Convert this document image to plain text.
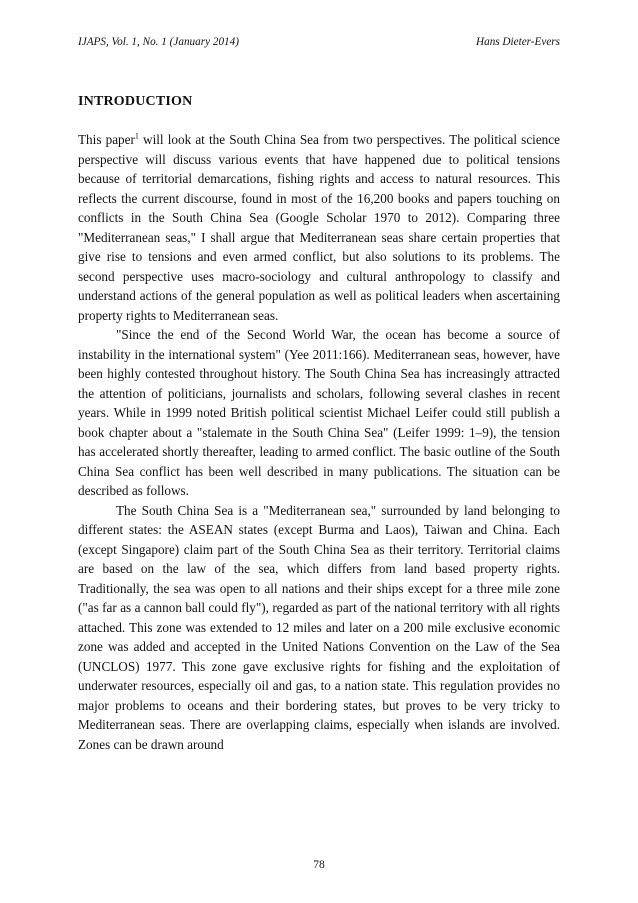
IJAPS, Vol. 1, No. 1 (January 2014)	Hans Dieter-Evers
INTRODUCTION

This paper$^1$ will look at the South China Sea from two perspectives. The political science perspective will discuss various events that have happened due to political tensions because of territorial demarcations, fishing rights and access to natural resources. This reflects the current discourse, found in most of the 16,200 books and papers touching on conflicts in the South China Sea (Google Scholar 1970 to 2012). Comparing three "Mediterranean seas," I shall argue that Mediterranean seas share certain properties that give rise to tensions and even armed conflict, but also solutions to its problems. The second perspective uses macro-sociology and cultural anthropology to classify and understand actions of the general population as well as political leaders when ascertaining property rights to Mediterranean seas.

"Since the end of the Second World War, the ocean has become a source of instability in the international system" (Yee 2011:166). Mediterranean seas, however, have been highly contested throughout history. The South China Sea has increasingly attracted the attention of politicians, journalists and scholars, following several clashes in recent years. While in 1999 noted British political scientist Michael Leifer could still publish a book chapter about a "stalemate in the South China Sea" (Leifer 1999: 1–9), the tension has accelerated shortly thereafter, leading to armed conflict. The basic outline of the South China Sea conflict has been well described in many publications. The situation can be described as follows.

The South China Sea is a "Mediterranean sea," surrounded by land belonging to different states: the ASEAN states (except Burma and Laos), Taiwan and China. Each (except Singapore) claim part of the South China Sea as their territory. Territorial claims are based on the law of the sea, which differs from land based property rights. Traditionally, the sea was open to all nations and their ships except for a three mile zone ("as far as a cannon ball could fly"), regarded as part of the national territory with all rights attached. This zone was extended to 12 miles and later on a 200 mile exclusive economic zone was added and accepted in the United Nations Convention on the Law of the Sea (UNCLOS) 1977. This zone gave exclusive rights for fishing and the exploitation of underwater resources, especially oil and gas, to a nation state. This regulation provides no major problems to oceans and their bordering states, but proves to be very tricky to Mediterranean seas. There are overlapping claims, especially when islands are involved. Zones can be drawn around

78
